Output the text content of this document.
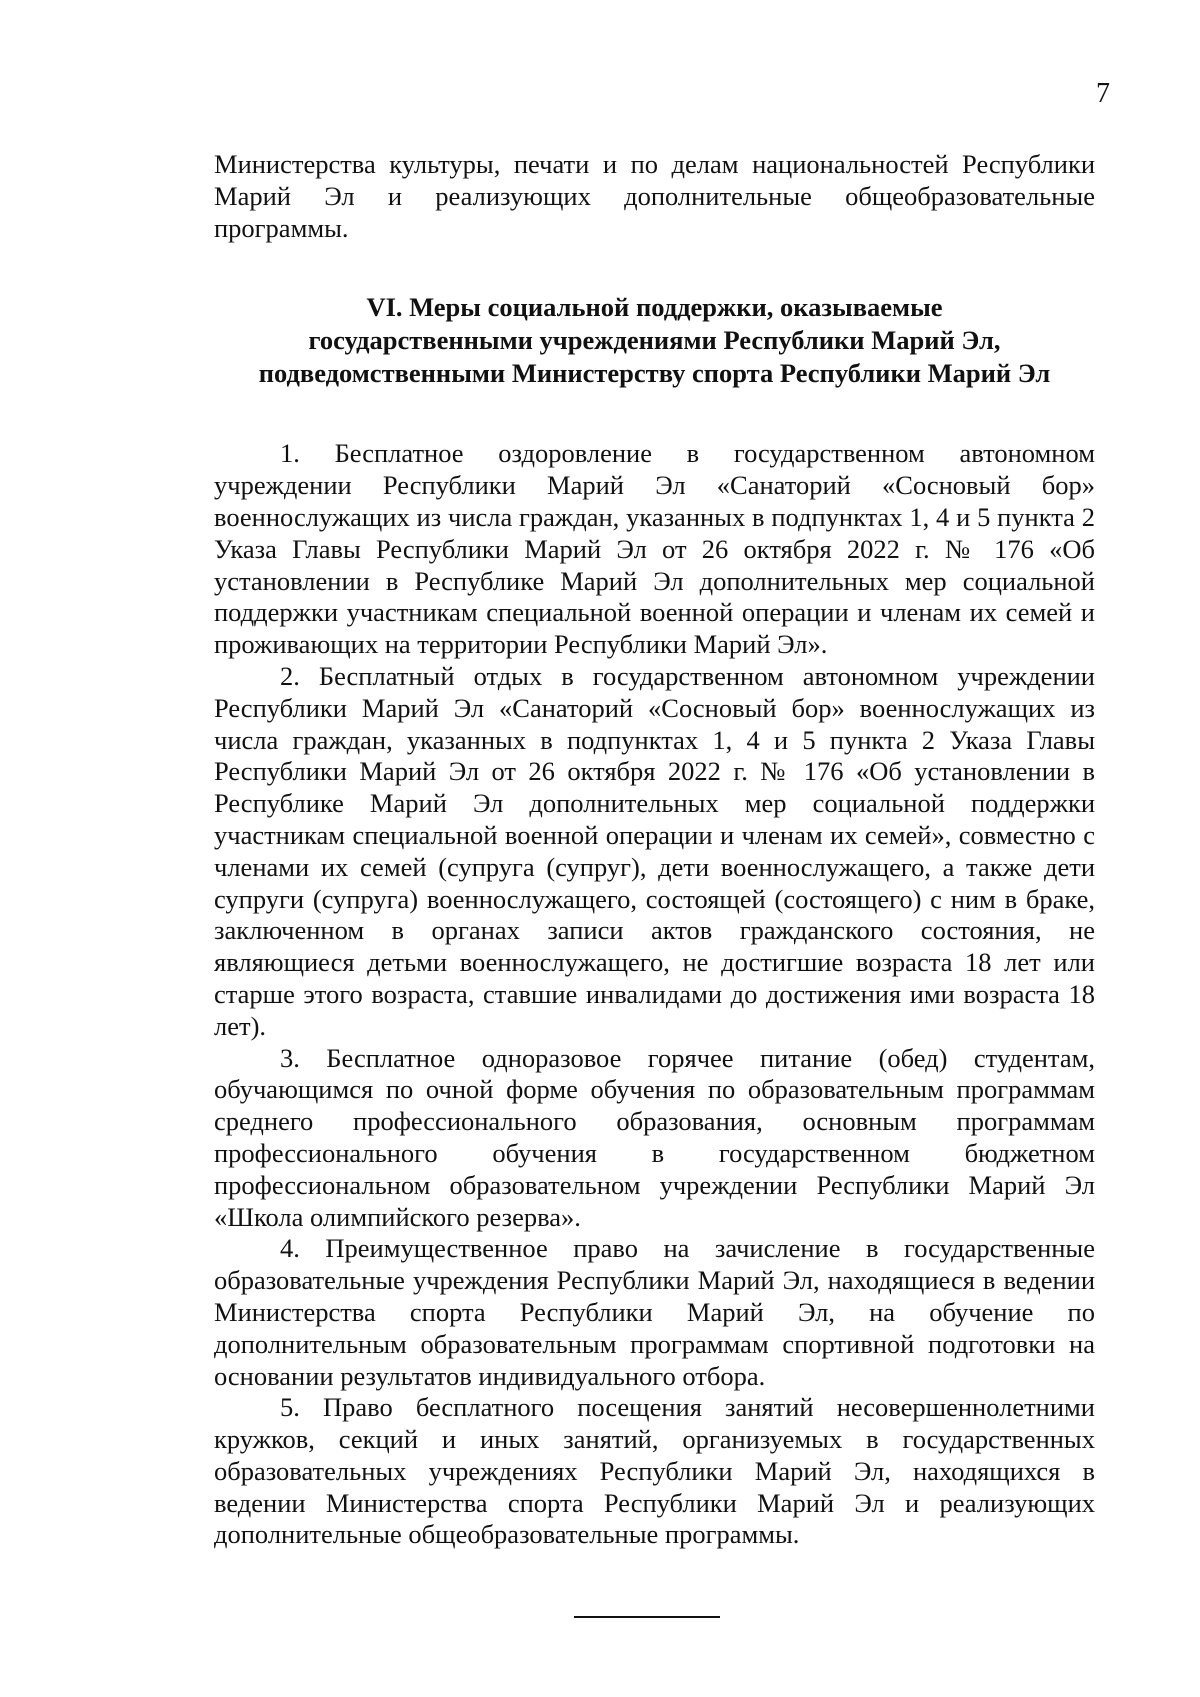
7

Министерства культуры, печати и по делам национальностей Республики Марий Эл и реализующих дополнительные общеобразовательные программы.

VI. Меры социальной поддержки, оказываемые
государственными учреждениями Республики Марий Эл,
подведомственными Министерству спорта Республики Марий Эл

1. Бесплатное оздоровление в государственном автономном учреждении Республики Марий Эл «Санаторий «Сосновый бор» военнослужащих из числа граждан, указанных в подпунктах 1, 4 и 5 пункта 2 Указа Главы Республики Марий Эл от 26 октября 2022 г. № 176 «Об установлении в Республике Марий Эл дополнительных мер социальной поддержки участникам специальной военной операции и членам их семей и проживающих на территории Республики Марий Эл».

2. Бесплатный отдых в государственном автономном учреждении Республики Марий Эл «Санаторий «Сосновый бор» военнослужащих из числа граждан, указанных в подпунктах 1, 4 и 5 пункта 2 Указа Главы Республики Марий Эл от 26 октября 2022 г. № 176 «Об установлении в Республике Марий Эл дополнительных мер социальной поддержки участникам специальной военной операции и членам их семей», совместно с членами их семей (супруга (супруг), дети военнослужащего, а также дети супруги (супруга) военнослужащего, состоящей (состоящего) с ним в браке, заключенном в органах записи актов гражданского состояния, не являющиеся детьми военнослужащего, не достигшие возраста 18 лет или старше этого возраста, ставшие инвалидами до достижения ими возраста 18 лет).

3. Бесплатное одноразовое горячее питание (обед) студентам, обучающимся по очной форме обучения по образовательным программам среднего профессионального образования, основным программам профессионального обучения в государственном бюджетном профессиональном образовательном учреждении Республики Марий Эл «Школа олимпийского резерва».

4. Преимущественное право на зачисление в государственные образовательные учреждения Республики Марий Эл, находящиеся в ведении Министерства спорта Республики Марий Эл, на обучение по дополнительным образовательным программам спортивной подготовки на основании результатов индивидуального отбора.

5. Право бесплатного посещения занятий несовершеннолетними кружков, секций и иных занятий, организуемых в государственных образовательных учреждениях Республики Марий Эл, находящихся в ведении Министерства спорта Республики Марий Эл и реализующих дополнительные общеобразовательные программы.
